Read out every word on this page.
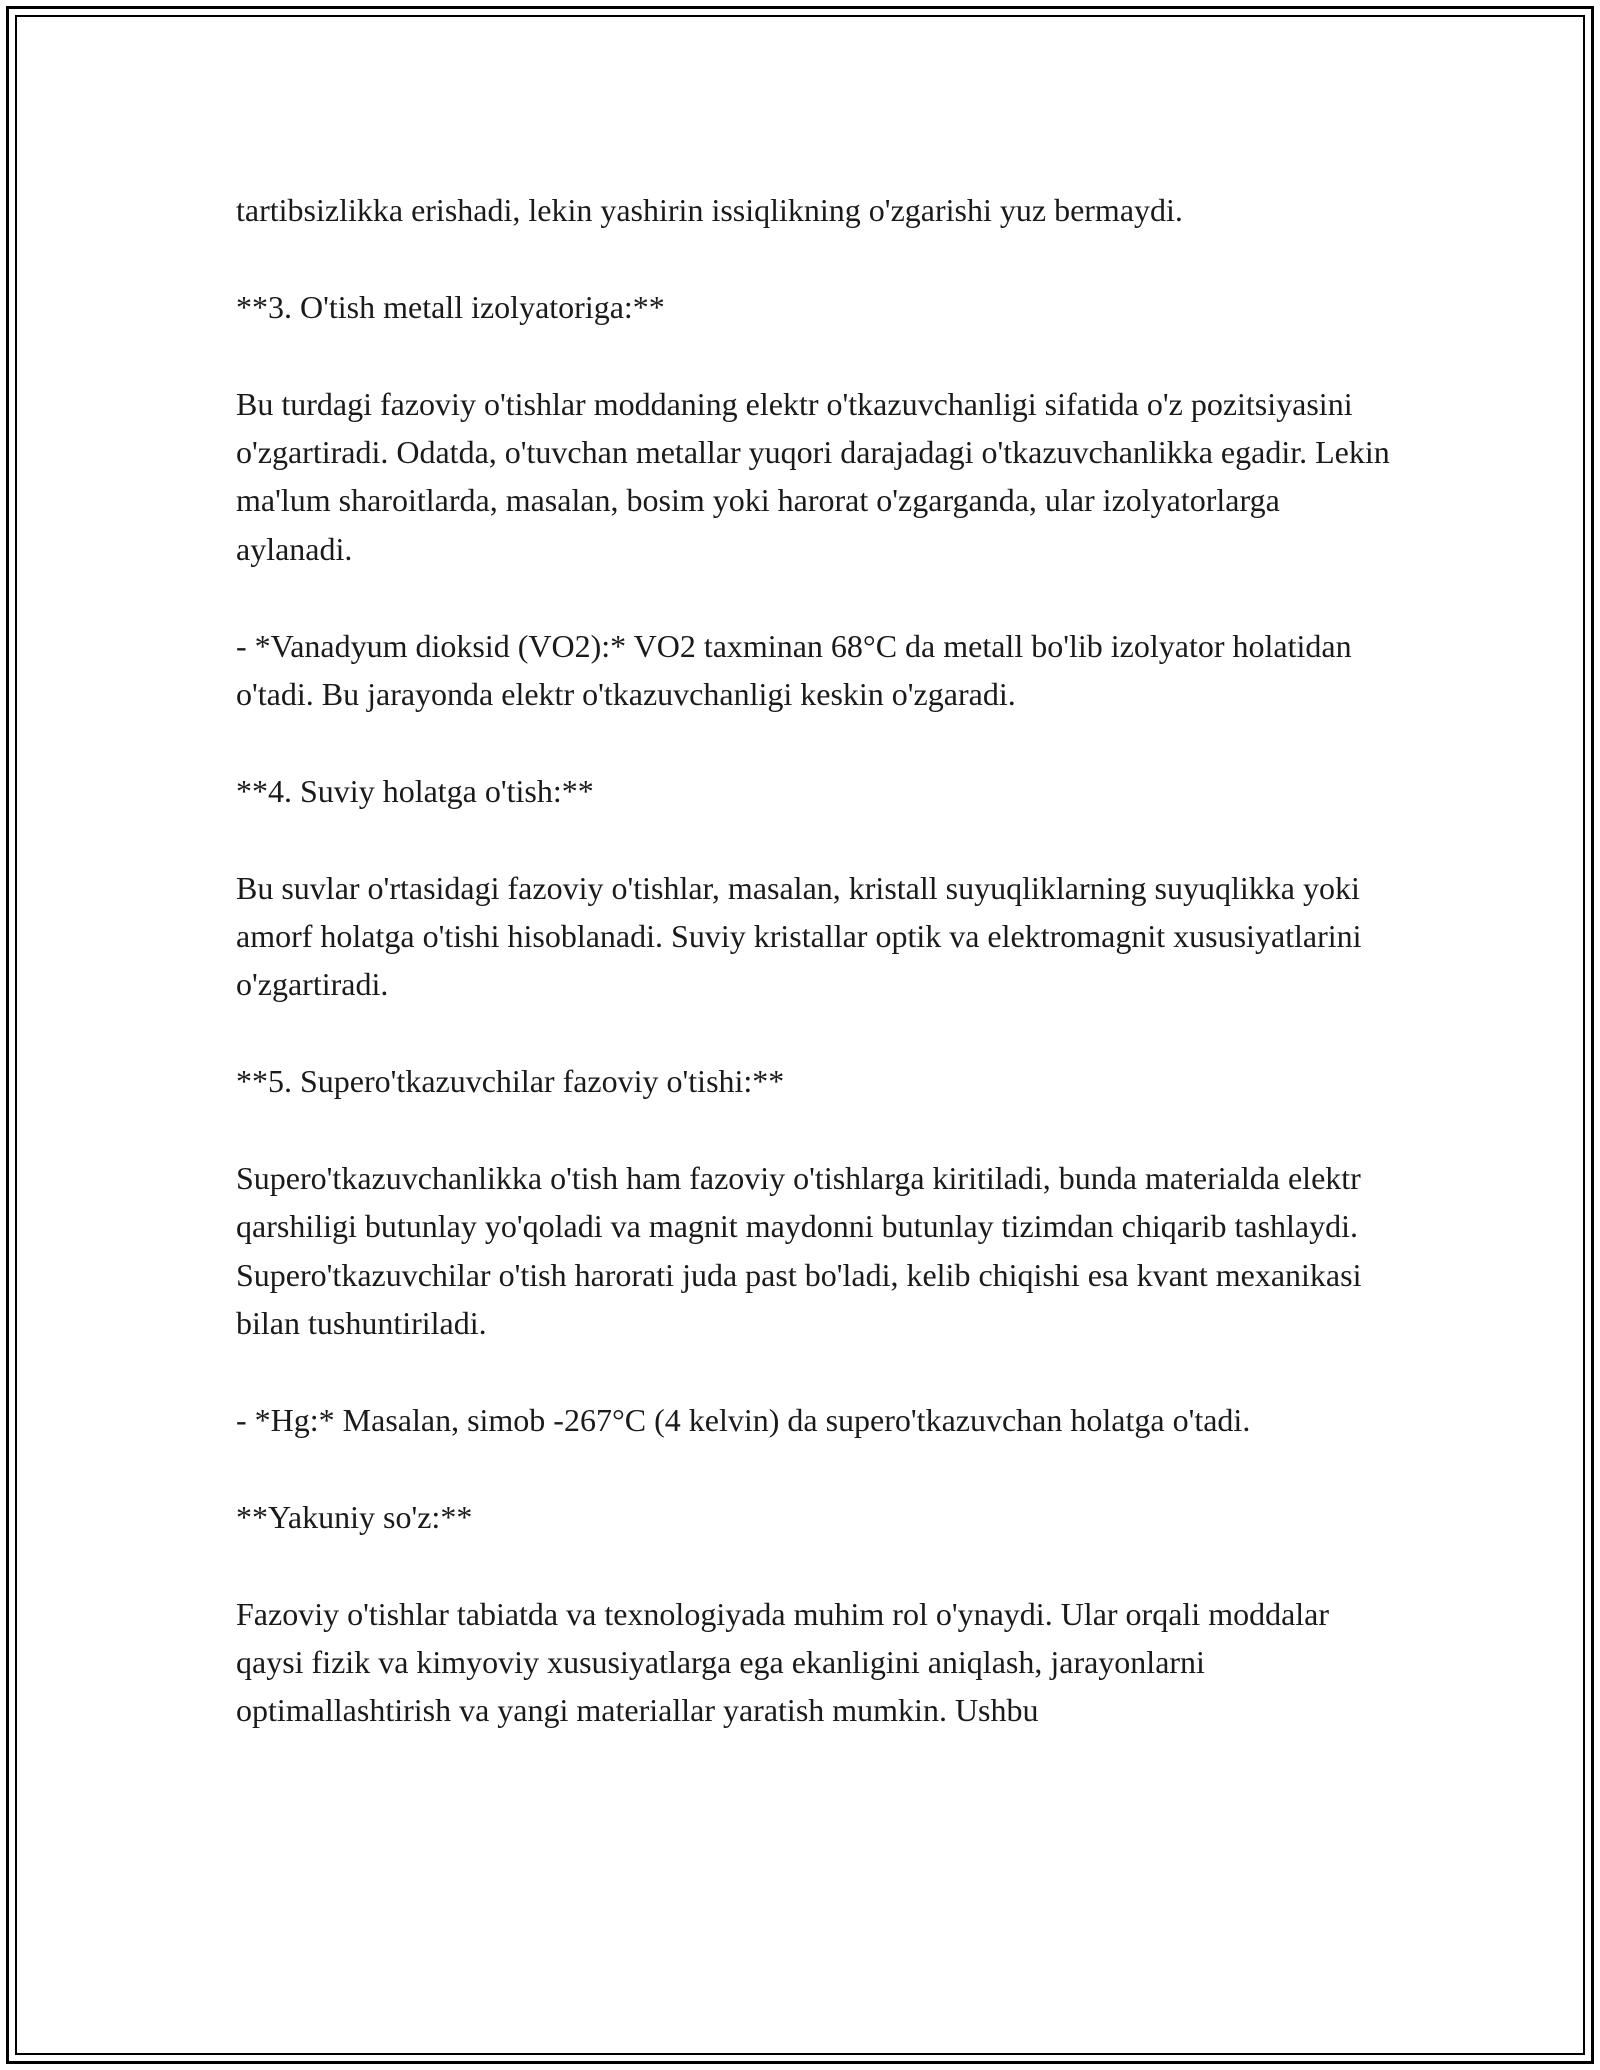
tartibsizlikka erishadi, lekin yashirin issiqlikning o'zgarishi yuz bermaydi.

**3. O'tish metall izolyatoriga:**

Bu turdagi fazoviy o'tishlar moddaning elektr o'tkazuvchanligi sifatida o'z pozitsiyasini o'zgartiradi. Odatda, o'tuvchan metallar yuqori darajadagi o'tkazuvchanlikka egadir. Lekin ma'lum sharoitlarda, masalan, bosim yoki harorat o'zgarganda, ular izolyatorlarga aylanadi.

- *Vanadyum dioksid (VO2):* VO2 taxminan 68°C da metall bo'lib izolyator holatidan o'tadi. Bu jarayonda elektr o'tkazuvchanligi keskin o'zgaradi.

**4. Suviy holatga o'tish:**

Bu suvlar o'rtasidagi fazoviy o'tishlar, masalan, kristall suyuqliklarning suyuqlikka yoki amorf holatga o'tishi hisoblanadi. Suviy kristallar optik va elektromagnit xususiyatlarini o'zgartiradi.

**5. Supero'tkazuvchilar fazoviy o'tishi:**

Supero'tkazuvchanlikka o'tish ham fazoviy o'tishlarga kiritiladi, bunda materialda elektr qarshiligi butunlay yo'qoladi va magnit maydonni butunlay tizimdan chiqarib tashlaydi. Supero'tkazuvchilar o'tish harorati juda past bo'ladi, kelib chiqishi esa kvant mexanikasi bilan tushuntiriladi.

- *Hg:* Masalan, simob -267°C (4 kelvin) da supero'tkazuvchan holatga o'tadi.

**Yakuniy so'z:**

Fazoviy o'tishlar tabiatda va texnologiyada muhim rol o'ynaydi. Ular orqali moddalar qaysi fizik va kimyoviy xususiyatlarga ega ekanligini aniqlash, jarayonlarni optimallashtirish va yangi materiallar yaratish mumkin. Ushbu
